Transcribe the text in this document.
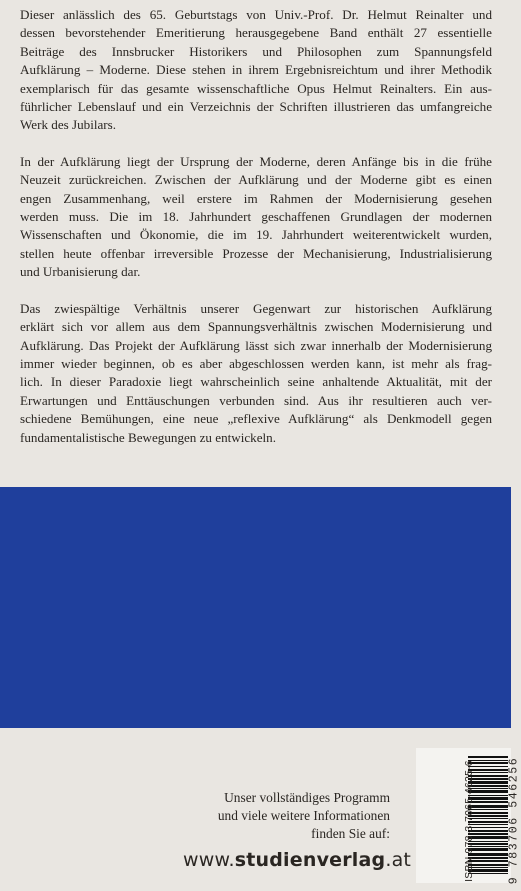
Dieser anlässlich des 65. Geburtstags von Univ.-Prof. Dr. Helmut Reinalter und
dessen bevorstehender Emeritierung herausgegebene Band enthält 27 essentielle
Beiträge des Innsbrucker Historikers und Philosophen zum Spannungsfeld
Aufklärung – Moderne. Diese stehen in ihrem Ergebnisreichtum und ihrer Methodik
exemplarisch für das gesamte wissenschaftliche Opus Helmut Reinalters. Ein aus-
führlicher Lebenslauf und ein Verzeichnis der Schriften illustrieren das umfangreiche
Werk des Jubilars.

In der Aufklärung liegt der Ursprung der Moderne, deren Anfänge bis in die frühe
Neuzeit zurückreichen. Zwischen der Aufklärung und der Moderne gibt es einen
engen Zusammenhang, weil erstere im Rahmen der Modernisierung gesehen
werden muss. Die im 18. Jahrhundert geschaffenen Grundlagen der modernen
Wissenschaften und Ökonomie, die im 19. Jahrhundert weiterentwickelt wurden,
stellen heute offenbar irreversible Prozesse der Mechanisierung, Industrialisierung
und Urbanisierung dar.

Das zwiespältige Verhältnis unserer Gegenwart zur historischen Aufklärung
erklärt sich vor allem aus dem Spannungsverhältnis zwischen Modernisierung und
Aufklärung. Das Projekt der Aufklärung lässt sich zwar innerhalb der Modernisierung
immer wieder beginnen, ob es aber abgeschlossen werden kann, ist mehr als frag-
lich. In dieser Paradoxie liegt wahrscheinlich seine anhaltende Aktualität, mit der
Erwartungen und Enttäuschungen verbunden sind. Aus ihr resultieren auch ver-
schiedene Bemühungen, eine neue „reflexive Aufklärung“ als Denkmodell gegen
fundamentalistische Bewegungen zu entwickeln.

Unser vollständiges Programm
und viele weitere Informationen
finden Sie auf:
www.studienverlag.at	ISBN 978-3-7065-4625-6	9 783706 546256
